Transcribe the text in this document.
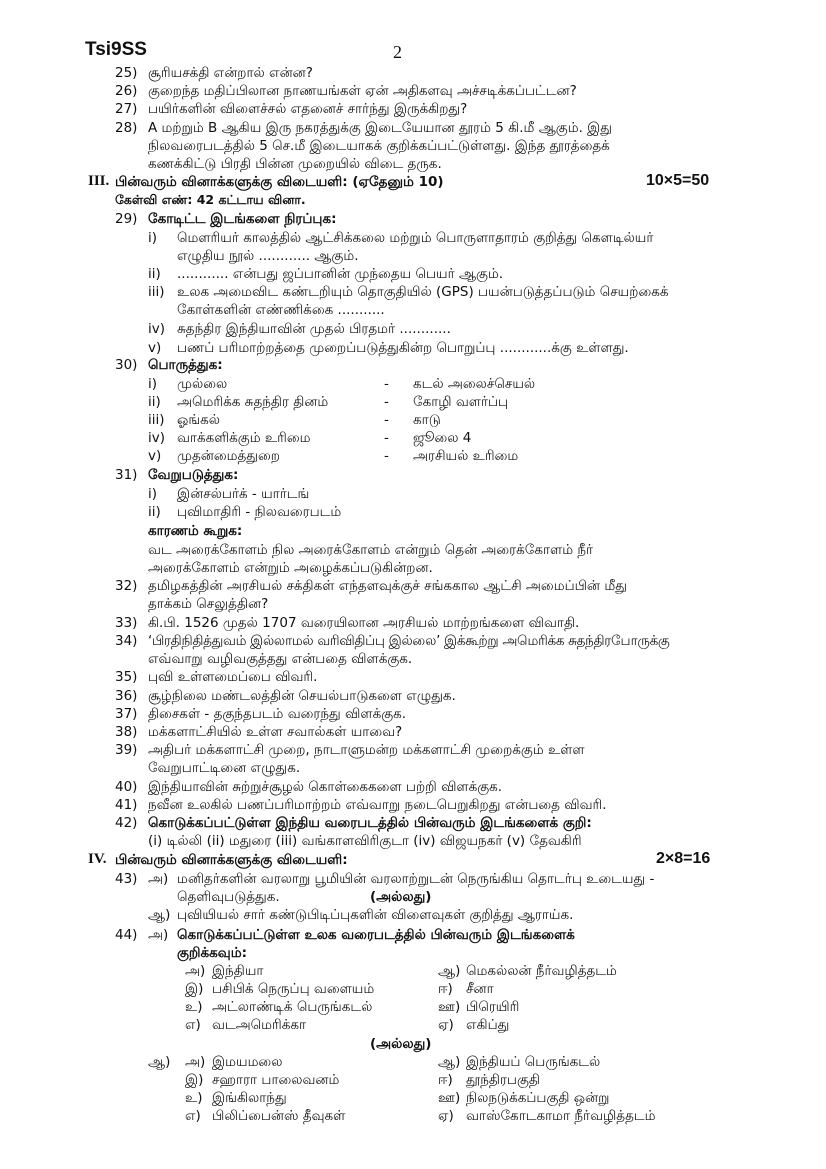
Tsi9SS	2
25) சூரியசக்தி என்றால் என்ன?
26) குறைந்த மதிப்பிலான நாணயங்கள் ஏன் அதிகளவு அச்சடிக்கப்பட்டன?
27) பயிர்களின் விளைச்சல் எதனைச் சார்ந்து இருக்கிறது?
28) A மற்றும் B ஆகிய இரு நகரத்துக்கு இடையேயான தூரம் 5 கி.மீ ஆகும். இது
நிலவரைபடத்தில் 5 செ.மீ இடையாகக் குறிக்கப்பட்டுள்ளது. இந்த தூரத்தைக்
கணக்கிட்டு பிரதி பின்ன முறையில் விடை தருக.
III. பின்வரும் வினாக்களுக்கு விடையளி: (ஏதேனும் 10)	10×5=50
கேள்வி எண்: 42 கட்டாய வினா.
29) கோடிட்ட இடங்களை நிரப்புக:
i) மௌரியர் காலத்தில் ஆட்சிக்கலை மற்றும் பொருளாதாரம் குறித்து கௌடில்யர்
எழுதிய நூல் ............ ஆகும்.
ii) ............ என்பது ஜப்பானின் முந்தைய பெயர் ஆகும்.
iii) உலக அமைவிட கண்டறியும் தொகுதியில் (GPS) பயன்படுத்தப்படும் செயற்கைக்
கோள்களின் எண்ணிக்கை ...........
iv) சுதந்திர இந்தியாவின் முதல் பிரதமர் ............
v) பணப் பரிமாற்றத்தை முறைப்படுத்துகின்ற பொறுப்பு ............க்கு உள்ளது.
30) பொருத்துக:
i) முல்லை	- கடல் அலைச்செயல்
ii) அமெரிக்க சுதந்திர தினம்	- கோழி வளர்ப்பு
iii) ஓங்கல்	- காடு
iv) வாக்களிக்கும் உரிமை	- ஜூலை 4
v) முதன்மைத்துறை	- அரசியல் உரிமை
31) வேறுபடுத்துக:
i) இன்சல்பர்க் - யார்டங்
ii) புவிமாதிரி - நிலவரைபடம்
காரணம் கூறுக:
வட அரைக்கோளம் நில அரைக்கோளம் என்றும் தென் அரைக்கோளம் நீர்
அரைக்கோளம் என்றும் அழைக்கப்படுகின்றன.
32) தமிழகத்தின் அரசியல் சக்திகள் எந்தளவுக்குச் சங்ககால ஆட்சி அமைப்பின் மீது
தாக்கம் செலுத்தின?
33) கி.பி. 1526 முதல் 1707 வரையிலான அரசியல் மாற்றங்களை விவாதி.
34) ‘பிரதிநிதித்துவம் இல்லாமல் வரிவிதிப்பு இல்லை’ இக்கூற்று அமெரிக்க சுதந்திரபோருக்கு
எவ்வாறு வழிவகுத்தது என்பதை விளக்குக.
35) புவி உள்ளமைப்பை விவரி.
36) சூழ்நிலை மண்டலத்தின் செயல்பாடுகளை எழுதுக.
37) திசைகள் - தகுந்தபடம் வரைந்து விளக்குக.
38) மக்களாட்சியில் உள்ள சவால்கள் யாவை?
39) அதிபர் மக்களாட்சி முறை, நாடாளுமன்ற மக்களாட்சி முறைக்கும் உள்ள
வேறுபாட்டினை எழுதுக.
40) இந்தியாவின் சுற்றுச்சூழல் கொள்கைகளை பற்றி விளக்குக.
41) நவீன உலகில் பணப்பரிமாற்றம் எவ்வாறு நடைபெறுகிறது என்பதை விவரி.
42) கொடுக்கப்பட்டுள்ள இந்திய வரைபடத்தில் பின்வரும் இடங்களைக் குறி:
(i) டில்லி (ii) மதுரை (iii) வங்காளவிரிகுடா (iv) விஜயநகர் (v) தேவகிரி
IV. பின்வரும் வினாக்களுக்கு விடையளி:	2×8=16
43) அ) மனிதர்களின் வரலாறு பூமியின் வரலாற்றுடன் நெருங்கிய தொடர்பு உடையது -
தெளிவுபடுத்துக.	(அல்லது)
ஆ) புவியியல் சார் கண்டுபிடிப்புகளின் விளைவுகள் குறித்து ஆராய்க.
44) அ) கொடுக்கப்பட்டுள்ள உலக வரைபடத்தில் பின்வரும் இடங்களைக்
குறிக்கவும்:
அ) இந்தியா	ஆ) மெகல்லன் நீர்வழித்தடம்
இ) பசிபிக் நெருப்பு வளையம்	ஈ) சீனா
உ) அட்லாண்டிக் பெருங்கடல்	ஊ) பிரெயிரி
எ) வடஅமெரிக்கா	ஏ) எகிப்து
(அல்லது)
ஆ) அ) இமயமலை	ஆ) இந்தியப் பெருங்கடல்
இ) சஹாரா பாலைவனம்	ஈ) தூந்திரபகுதி
உ) இங்கிலாந்து	ஊ) நிலநடுக்கப்பகுதி ஒன்று
எ) பிலிப்பைன்ஸ் தீவுகள்	ஏ) வாஸ்கோடகாமா நீர்வழித்தடம்
